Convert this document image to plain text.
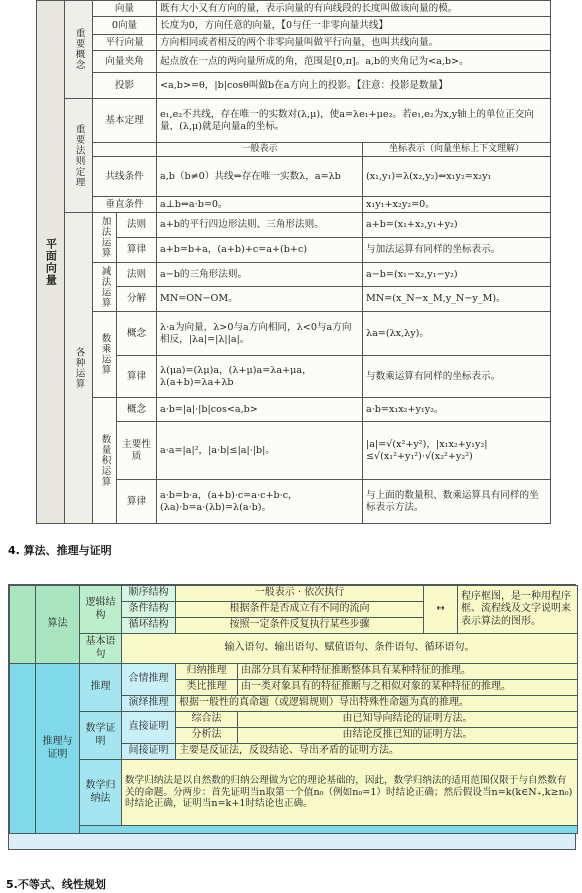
平面向量	重要概念	向量		既有大小又有方向的量，表示向量的有向线段的长度叫做该向量的模。	
		0向量		长度为0，方向任意的向量，【0与任一非零向量共线】	
		平行向量		方向相同或者相反的两个非零向量叫做平行向量，也叫共线向量。	
		向量夹角		起点放在一点的两向量所成的角，范围是[0,π]。a,b的夹角记为<a,b>。	
		投影		<a,b>=θ，|b|cosθ叫做b在a方向上的投影。【注意：投影是数量】	
	重要法则定理	基本定理		e₁,e₂不共线，存在唯一的实数对(λ,μ)，使a=λe₁+μe₂。若e₁,e₂为x,y轴上的单位正交向量，(λ,μ)就是向量a的坐标。	
				一般表示	坐标表示（向量坐标上下文理解）
		共线条件		a,b（b≠0）共线⇔存在唯一实数λ，a=λb	(x₁,y₁)=λ(x₂,y₂)⇔x₁y₂=x₂y₁
		垂直条件		a⊥b⇔a·b=0。	x₁y₁+x₂y₂=0。
	各种运算	加法运算	法则	a+b的平行四边形法则、三角形法则。	a+b=(x₁+x₂,y₁+y₂)
			算律	a+b=b+a，(a+b)+c=a+(b+c)	与加法运算有同样的坐标表示。
		减法运算	法则	a−b的三角形法则。	a−b=(x₁−x₂,y₁−y₂)
			分解	MN=ON−OM。	MN=(x_N−x_M,y_N−y_M)。
		数乘运算	概念	λ·a为向量，λ>0与a方向相同，λ<0与a方向相反，|λa|=|λ||a|。	λa=(λx,λy)。
			算律	λ(μa)=(λμ)a，(λ+μ)a=λa+μa，λ(a+b)=λa+λb	与数乘运算有同样的坐标表示。
		数量积运算	概念	a·b=|a|·|b|cos<a,b>	a·b=x₁x₂+y₁y₂。
			主要性质	a·a=|a|²，|a·b|≤|a|·|b|。	|a|=√(x²+y²)，|x₁x₂+y₁y₂|≤√(x₁²+y₁²)·√(x₂²+y₂²)
			算律	a·b=b·a，(a+b)·c=a·c+b·c，(λa)·b=a·(λb)=λ(a·b)。	与上面的数量积、数乘运算具有同样的坐标表示方法。
4. 算法、推理与证明
	算法	逻辑结构	顺序结构	一般表示 · 依次执行		↔	程序框图，是一种用程序框、流程线及文字说明来表示算法的图形。
			条件结构	根据条件是否成立有不同的流向			
			循环结构	按照一定条件反复执行某些步骤			
		基本语句	输入语句、输出语句、赋值语句、条件语句、循环语句。				
	推理与证明	推理	合情推理	归纳推理	由部分具有某种特征推断整体具有某种特征的推理。		
				类比推理	由一类对象具有的特征推断与之相似对象的某种特征的推理。		
			演绎推理	根据一般性的真命题（或逻辑规则）导出特殊性命题为真的推理。			
		数学证明	直接证明	综合法	由已知导向结论的证明方法。		
				分析法	由结论反推已知的证明方法。		
			间接证明	主要是反证法，反设结论、导出矛盾的证明方法。			
		数学归纳法	数学归纳法是以自然数的归纳公理做为它的理论基础的，因此，数学归纳法的适用范围仅限于与自然数有关的命题。分两步：首先证明当n取第一个值n₀（例如n₀=1）时结论正确；然后假设当n=k(k∈N₊,k≥n₀)时结论正确，证明当n=k+1时结论也正确。				

5.不等式、线性规划
